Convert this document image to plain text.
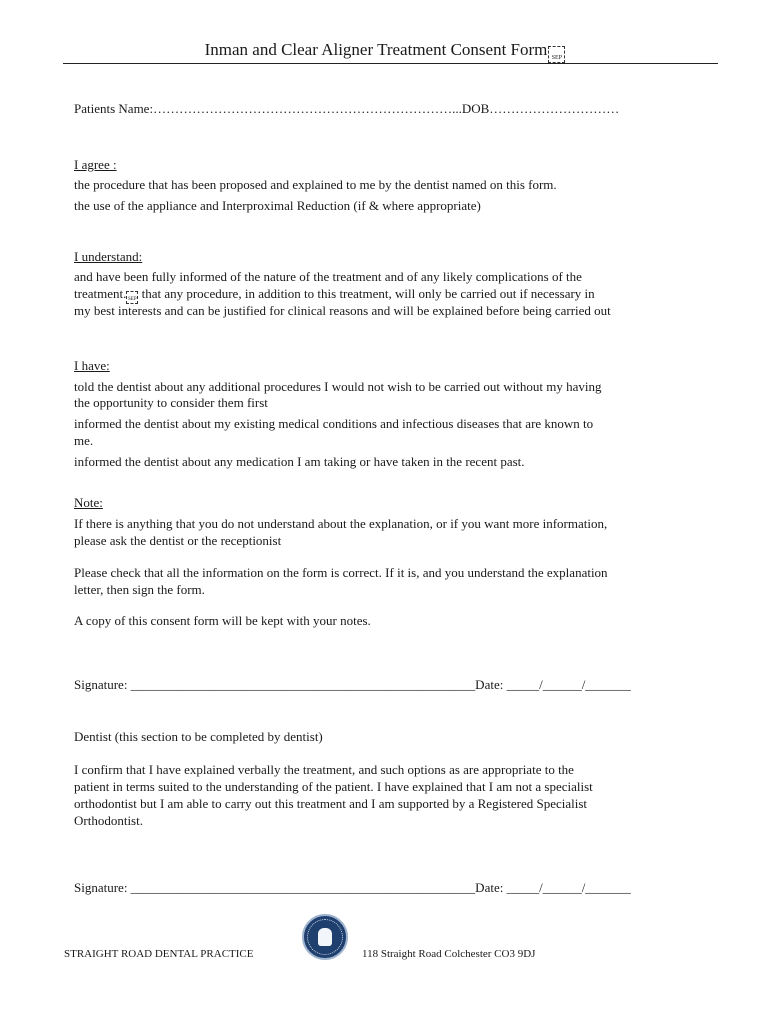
Inman and Clear Aligner Treatment Consent Form SEP
Patients Name:……………………………………………………………...DOB…………………………
I agree :
the procedure that has been proposed and explained to me by the dentist named on this form.
the use of the appliance and Interproximal Reduction (if & where appropriate)
I understand:
and have been fully informed of the nature of the treatment and of any likely complications of the
treatment. SEP that any procedure, in addition to this treatment, will only be carried out if necessary in
my best interests and can be justified for clinical reasons and will be explained before being carried out
I have:
told the dentist about any additional procedures I would not wish to be carried out without my having
the opportunity to consider them first
informed the dentist about my existing medical conditions and infectious diseases that are known to
me.
informed the dentist about any medication I am taking or have taken in the recent past.
Note:
If there is anything that you do not understand about the explanation, or if you want more information,
please ask the dentist or the receptionist
Please check that all the information on the form is correct. If it is, and you understand the explanation
letter, then sign the form.
A copy of this consent form will be kept with your notes.
Signature: _____________________________________________________Date: _____/______/_______
Dentist (this section to be completed by dentist)
I confirm that I have explained verbally the treatment, and such options as are appropriate to the
patient in terms suited to the understanding of the patient. I have explained that I am not a specialist
orthodontist but I am able to carry out this treatment and I am supported by a Registered Specialist
Orthodontist.
Signature: _____________________________________________________Date: _____/______/_______
STRAIGHT ROAD DENTAL PRACTICE	118 Straight Road Colchester CO3 9DJ
